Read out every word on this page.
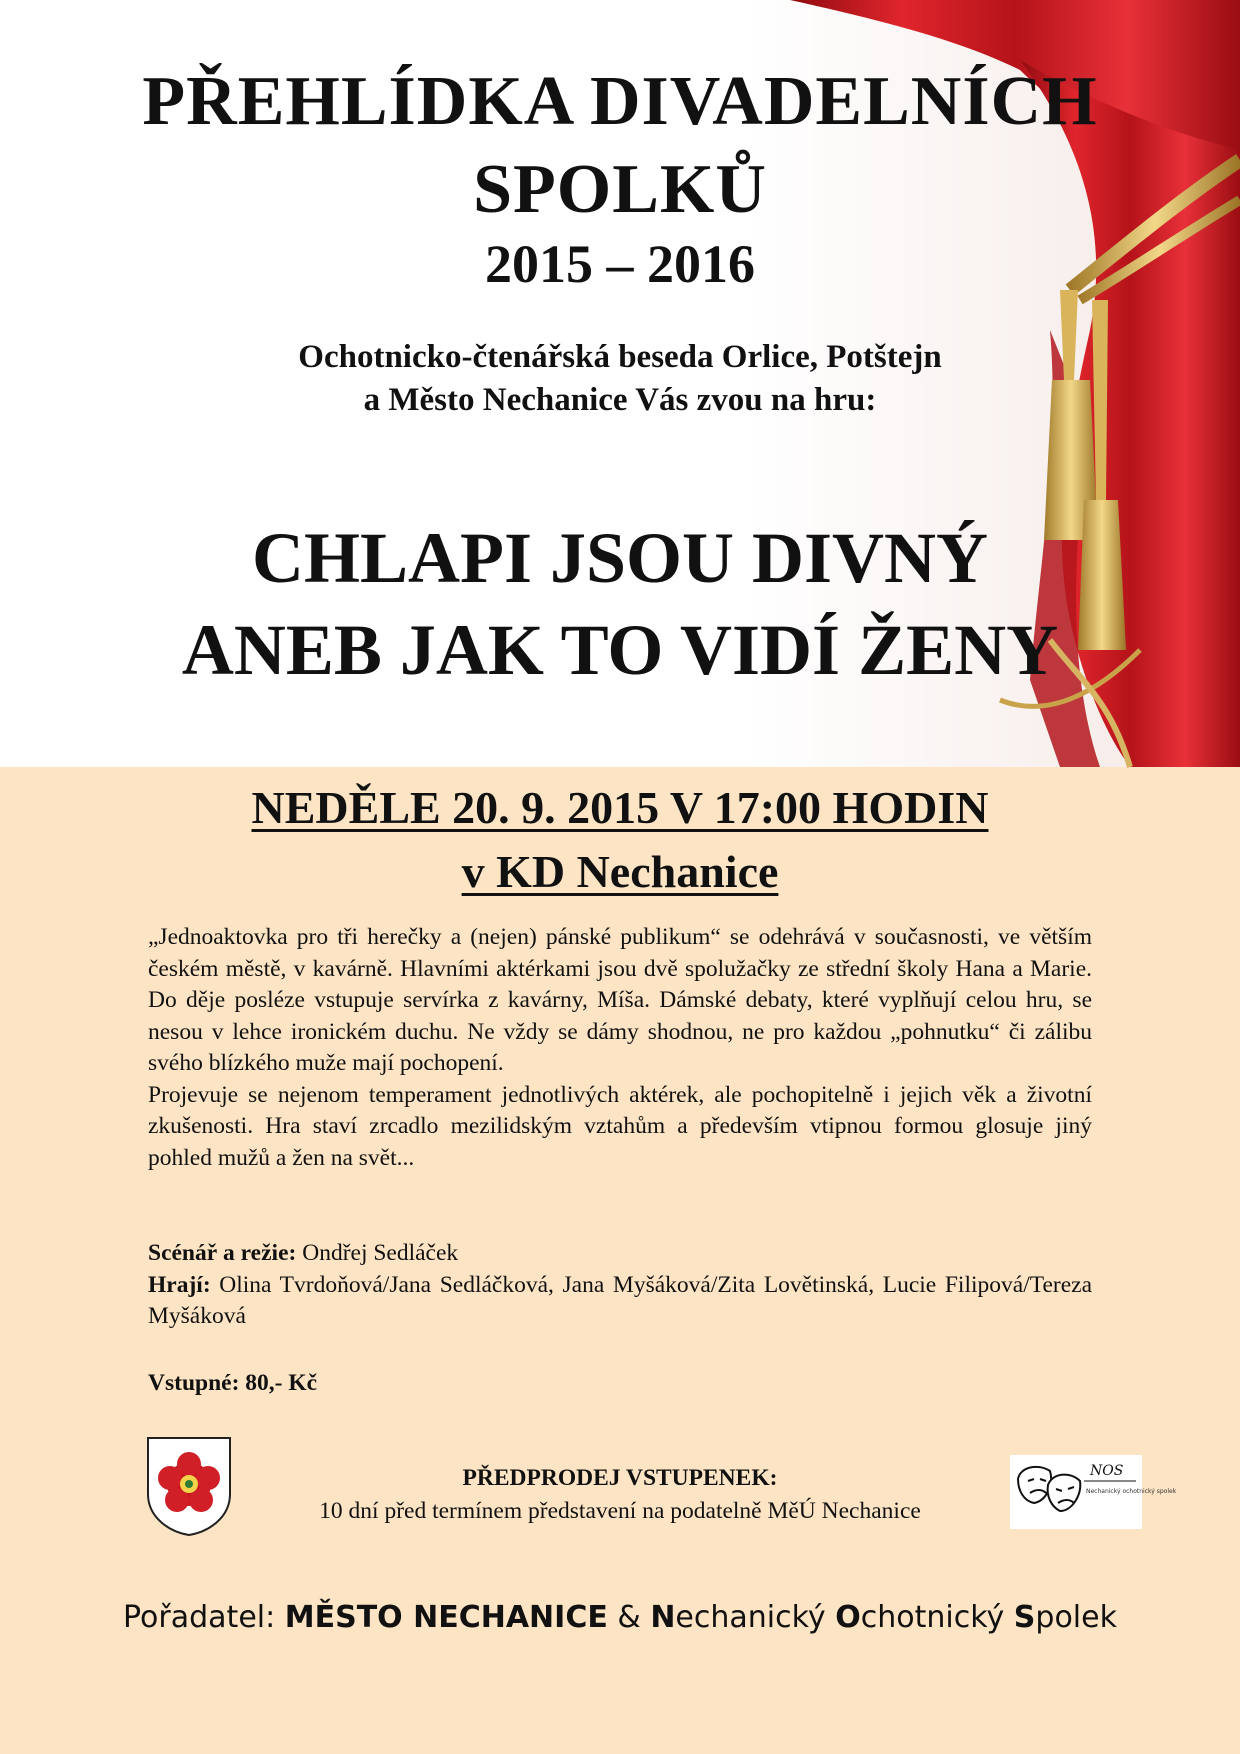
PŘEHLÍDKA DIVADELNÍCH
SPOLKŮ
2015 – 2016
Ochotnicko-čtenářská beseda Orlice, Potštejn
a Město Nechanice Vás zvou na hru:
CHLAPI JSOU DIVNÝ
ANEB JAK TO VIDÍ ŽENY
NEDĚLE 20. 9. 2015 V 17:00 HODIN
v KD Nechanice

„Jednoaktovka pro tři herečky a (nejen) pánské publikum“ se odehrává v současnosti, ve větším českém městě, v kavárně. Hlavními aktérkami jsou dvě spolužačky ze střední školy Hana a Marie. Do děje posléze vstupuje servírka z kavárny, Míša. Dámské debaty, které vyplňují celou hru, se nesou v lehce ironickém duchu. Ne vždy se dámy shodnou, ne pro každou „pohnutku“ či zálibu svého blízkého muže mají pochopení.

Projevuje se nejenom temperament jednotlivých aktérek, ale pochopitelně i jejich věk a životní zkušenosti. Hra staví zrcadlo mezilidským vztahům a především vtipnou formou glosuje jiný pohled mužů a žen na svět...

Scénář a režie: Ondřej Sedláček

Hrají: Olina Tvrdoňová/Jana Sedláčková, Jana Myšáková/Zita Lovětinská, Lucie Filipová/Tereza Myšáková

Vstupné: 80,- Kč
PŘEDPRODEJ VSTUPENEK:
10 dní před termínem představení na podatelně MěÚ Nechanice
NOS
Nechanický ochotnický spolek
Pořadatel: MĚSTO NECHANICE & Nechanický Ochotnický Spolek
